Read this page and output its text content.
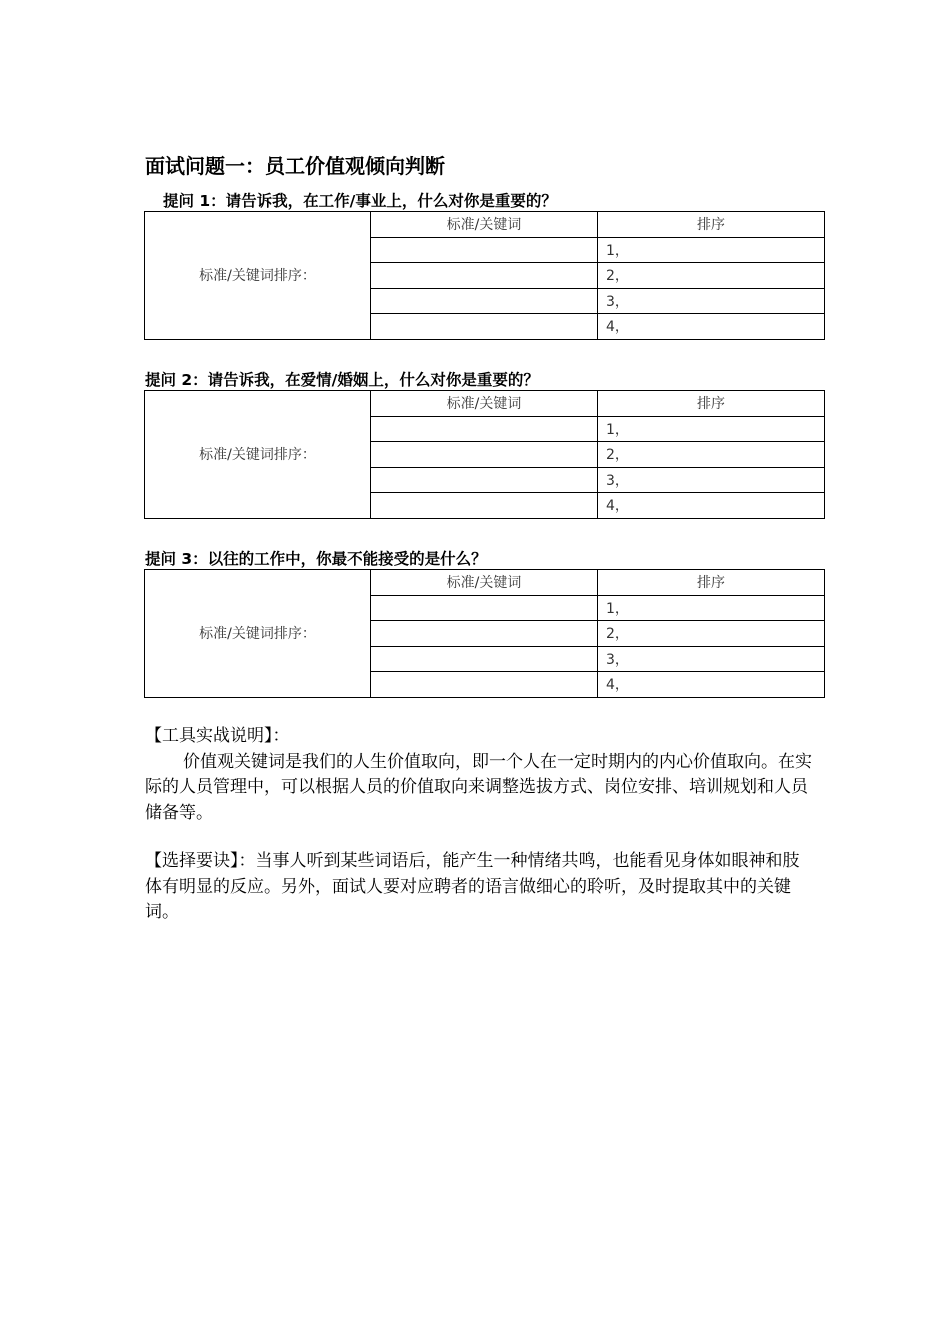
面试问题一：员工价值观倾向判断
提问 1：请告诉我，在工作/事业上，什么对你是重要的？
标准/关键词排序：	标准/关键词	排序
		1，
		2，
		3，
		4，
提问 2：请告诉我，在爱情/婚姻上，什么对你是重要的？
标准/关键词排序：	标准/关键词	排序
		1，
		2，
		3，
		4，
提问 3：以往的工作中，你最不能接受的是什么？
标准/关键词排序：	标准/关键词	排序
		1，
		2，
		3，
		4，

【工具实战说明】：

价值观关键词是我们的人生价值取向，即一个人在一定时期内的内心价值取向。在实际的人员管理中，可以根据人员的价值取向来调整选拔方式、岗位安排、培训规划和人员储备等。

【选择要诀】：当事人听到某些词语后，能产生一种情绪共鸣，也能看见身体如眼神和肢体有明显的反应。另外，面试人要对应聘者的语言做细心的聆听，及时提取其中的关键词。
